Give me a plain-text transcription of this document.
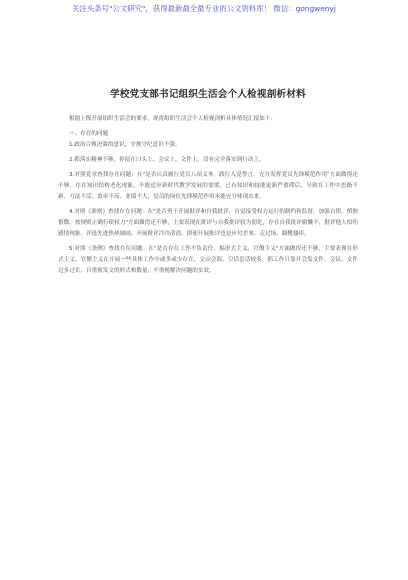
关注头条号"公文研究"，获得最新最全最专业的公文资料库！ 微信：gongwenyj
学校党支部书记组织生活会个人检视剖析材料

根据上级开展组织生活会的要求，现将组织生活会个人检视剖析具体情况汇报如下：

一、存在的问题

1.政治合规决策的意识，守规守纪意识不强。

2.抓落实精神不够，停留在口头上、会议上、文件上，没有完全落实到行动上。

3.对照党章查找存在问题：在"是否认真履行党员八项义务，践行入党誓言，充分发挥党员先锋模范作用"方面做得还不够，存在知识结构老化现象，不能适应新时代教学发展的需要，已有知识和技能更新严重滞后，导致在工作中思路不新、方法不活、效率不高、业绩不大，党员的岗位先锋模范作用未能充分体现出来。

4.对照《准则》查找存在问题：在"是否勇于开展批评和自我批评，自觉接受权力运行的制约和监督，加强自律、慎独慎微，按规则正确行使权力"方面做得还不够，主要表现在批评与自我批评较为弱化，存在自我批评偷懒不，批评他人怕伤感情现象，评选先进热热闹闹，开展批评冷冷清清，即使开展批评也是应付差事、走过场，隔靴搔痒。

5.对照《条例》查找存在问题：在"是否存在工作不负责任，搞形式主义、官僚主义"方面做得还不够，主要表现在形式主义、官僚主义在开展一些具体工作中或多或少存在，文山会海、空话套话较多，抓工作只靠开会发文件，会议、文件过多过长，只重视发文的形式和数量，不重视解决问题的实效。
